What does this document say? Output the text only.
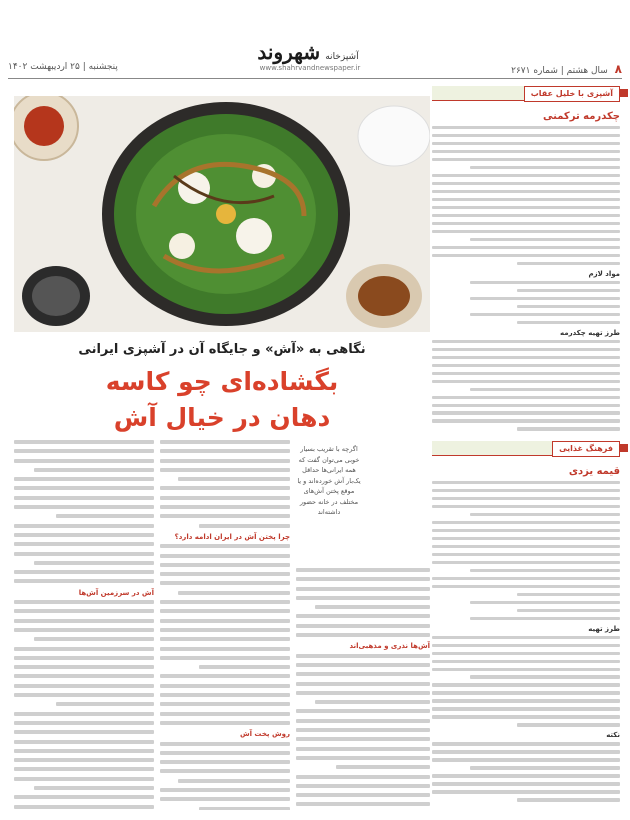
۸ سال هشتم | شماره ۲۶۷۱
آشپزخانه شهروند
www.shahrvandnewspaper.ir
پنجشنبه | ۲۵ اردیبهشت ۱۴۰۲
نگاهی به «آش» و جایگاه آن در آشپزی ایرانی
بگشاده‌ای چو کاسه
دهان در خیال آش
آش در سرزمین آش‌ها
چرا پختن آش در ایران ادامه دارد؟
روش پخت آش
اگرچه با تقریب بسیار خوبی می‌توان گفت که همه ایرانی‌ها حداقل یک‌بار آش خورده‌اند و یا موقع پختن آش‌های مختلف در خانه حضور داشته‌اند
آش‌ها نذری و مذهبی‌اند
آشپزی با خلیل عقاب
چکدرمه ترکمنی
مواد لازم
طرز تهیه چکدرمه
فرهنگ غذایی
قیمه یزدی
طرز تهیه
نکته
